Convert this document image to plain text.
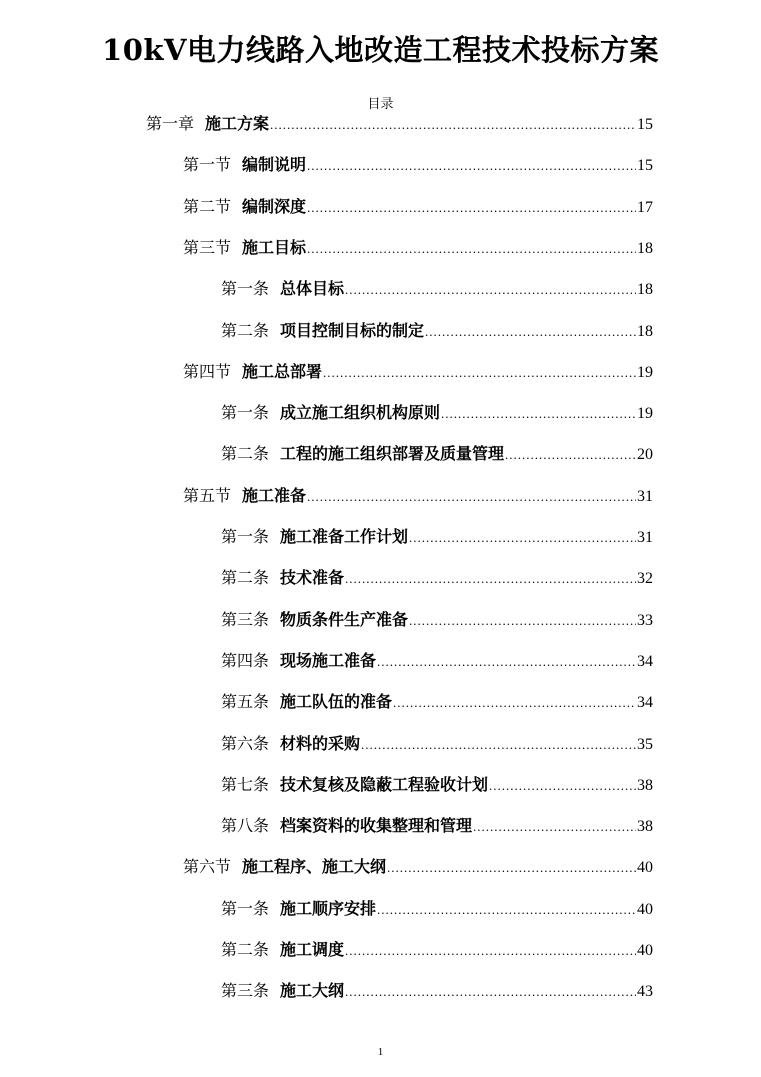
10kV电力线路入地改造工程技术投标方案
目录
第一章 施工方案 .....	15
第一节 编制说明 .....	15
第二节 编制深度 .....	17
第三节 施工目标 .....	18
第一条 总体目标 .....	18
第二条 项目控制目标的制定 .....	18
第四节 施工总部署 .....	19
第一条 成立施工组织机构原则 .....	19
第二条 工程的施工组织部署及质量管理 .....	20
第五节 施工准备 .....	31
第一条 施工准备工作计划 .....	31
第二条 技术准备 .....	32
第三条 物质条件生产准备 .....	33
第四条 现场施工准备 .....	34
第五条 施工队伍的准备 .....	34
第六条 材料的采购 .....	35
第七条 技术复核及隐蔽工程验收计划 .....	38
第八条 档案资料的收集整理和管理 .....	38
第六节 施工程序、施工大纲 .....	40
第一条 施工顺序安排 .....	40
第二条 施工调度 .....	40
第三条 施工大纲 .....	43
1
